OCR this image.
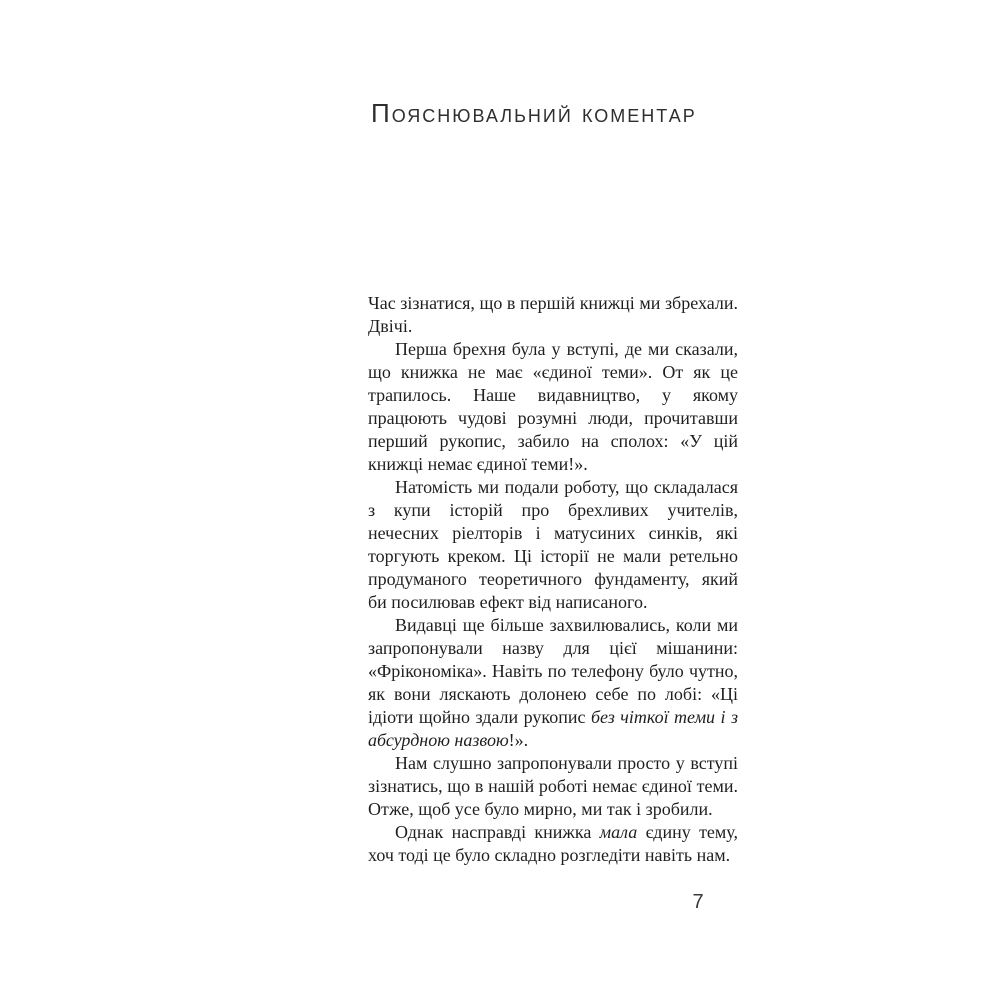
Пояснювальний коментар

Час зізнатися, що в першій книжці ми збрехали. Двічі.

Перша брехня була у вступі, де ми сказали, що книжка не має «єдиної теми». От як це трапилось. Наше видавництво, у якому працюють чудові розумні люди, прочитавши перший рукопис, забило на сполох: «У цій книжці немає єдиної теми!».

Натомість ми подали роботу, що складалася з купи історій про брехливих учителів, нечесних ріелторів і матусиних синків, які торгують креком. Ці історії не мали ретельно продуманого теоретичного фундаменту, який би посилював ефект від написаного.

Видавці ще більше захвилювались, коли ми запропонували назву для цієї мішанини: «Фрікономіка». Навіть по телефону було чутно, як вони ляскають долонею себе по лобі: «Ці ідіоти щойно здали рукопис без чіткої теми і з абсурдною назвою!».

Нам слушно запропонували просто у вступі зізнатись, що в нашій роботі немає єдиної теми. Отже, щоб усе було мирно, ми так і зробили.

Однак насправді книжка мала єдину тему, хоч тоді це було складно розгледіти навіть нам.

7
